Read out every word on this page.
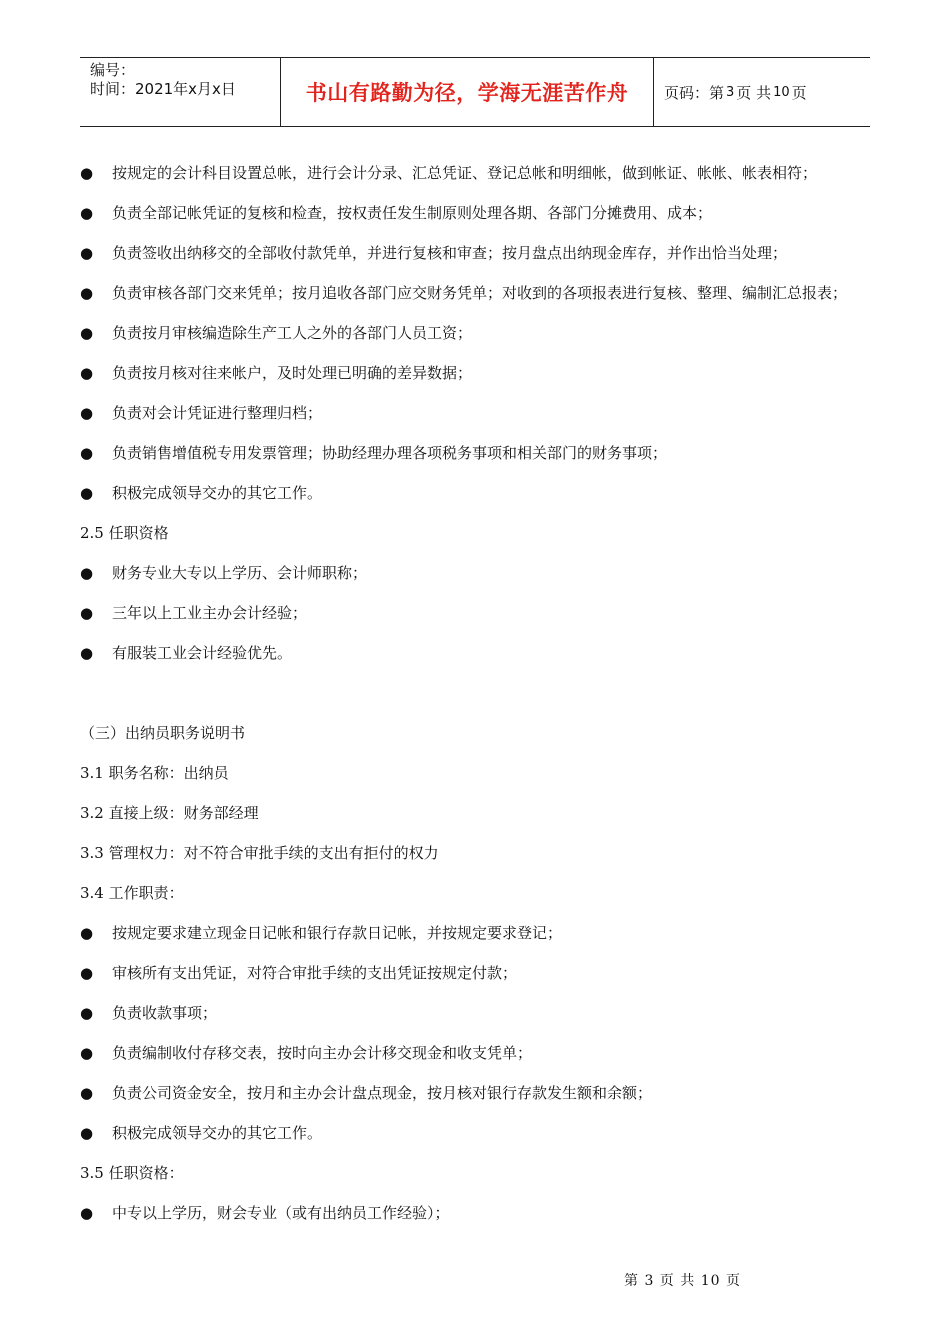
编号：
时间：2021年x月x日	书山有路勤为径，学海无涯苦作舟	页码：第 3 页 共 10 页
● 按规定的会计科目设置总帐，进行会计分录、汇总凭证、登记总帐和明细帐，做到帐证、帐帐、帐表相符；
●	负责全部记帐凭证的复核和检查，按权责任发生制原则处理各期、各部门分摊费用、成本；
●	负责签收出纳移交的全部收付款凭单，并进行复核和审查；按月盘点出纳现金库存，并作出恰当处理；
● 负责审核各部门交来凭单；按月追收各部门应交财务凭单；对收到的各项报表进行复核、整理、编制汇总报表；
●	负责按月审核编造除生产工人之外的各部门人员工资；
●	负责按月核对往来帐户，及时处理已明确的差异数据；
●	负责对会计凭证进行整理归档；
●	负责销售增值税专用发票管理；协助经理办理各项税务事项和相关部门的财务事项；
●	积极完成领导交办的其它工作。
2.5 任职资格
●	财务专业大专以上学历、会计师职称；
●	三年以上工业主办会计经验；
●	有服装工业会计经验优先。
（三）出纳员职务说明书
3.1 职务名称：出纳员
3.2 直接上级：财务部经理
3.3 管理权力：对不符合审批手续的支出有拒付的权力
3.4 工作职责：
●	按规定要求建立现金日记帐和银行存款日记帐，并按规定要求登记；
●	审核所有支出凭证，对符合审批手续的支出凭证按规定付款；
●	负责收款事项；
●	负责编制收付存移交表，按时向主办会计移交现金和收支凭单；
●	负责公司资金安全，按月和主办会计盘点现金，按月核对银行存款发生额和余额；
●	积极完成领导交办的其它工作。
3.5 任职资格：
●	中专以上学历，财会专业（或有出纳员工作经验）；
第 3 页 共 10 页
